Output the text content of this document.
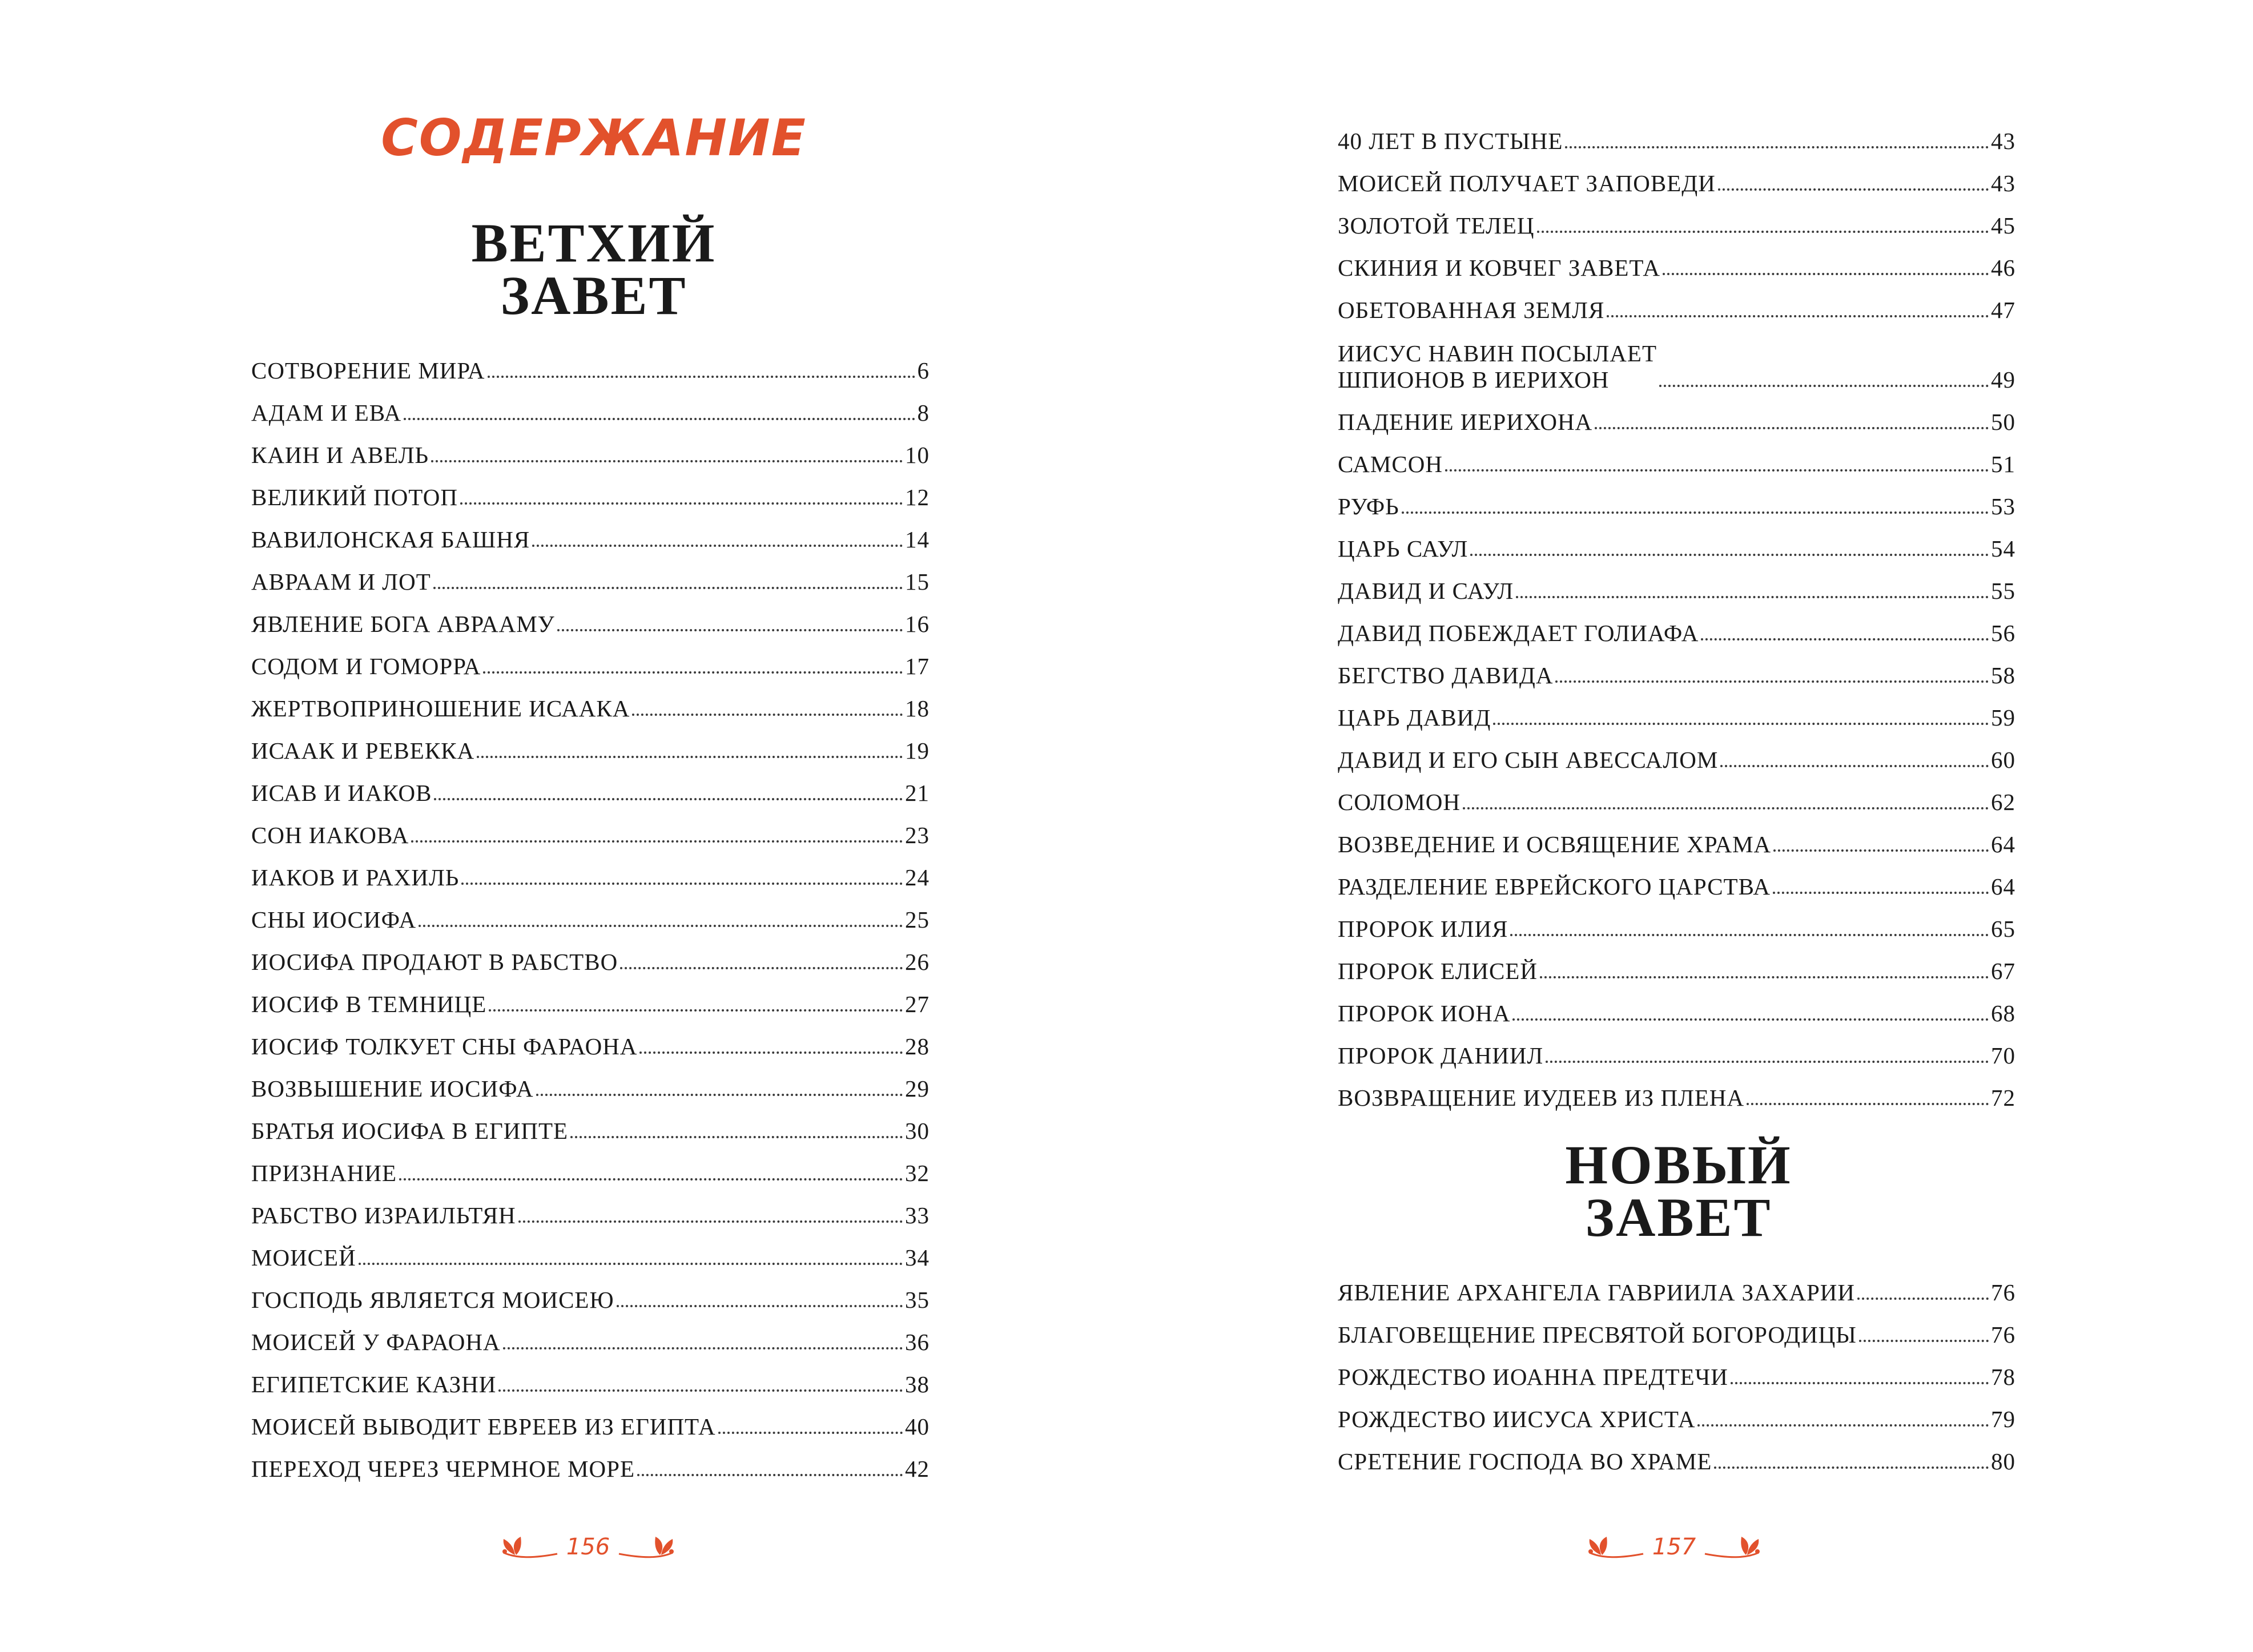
СОДЕРЖАНИЕ
ВЕТХИЙ
ЗАВЕТ
СОТВОРЕНИЕ МИРА	6
АДАМ И ЕВА	8
КАИН И АВЕЛЬ	10
ВЕЛИКИЙ ПОТОП	12
ВАВИЛОНСКАЯ БАШНЯ	14
АВРААМ И ЛОТ	15
ЯВЛЕНИЕ БОГА АВРААМУ	16
СОДОМ И ГОМОРРА	17
ЖЕРТВОПРИНОШЕНИЕ ИСААКА	18
ИСААК И РЕВЕККА	19
ИСАВ И ИАКОВ	21
СОН ИАКОВА	23
ИАКОВ И РАХИЛЬ	24
СНЫ ИОСИФА	25
ИОСИФА ПРОДАЮТ В РАБСТВО	26
ИОСИФ В ТЕМНИЦЕ	27
ИОСИФ ТОЛКУЕТ СНЫ ФАРАОНА	28
ВОЗВЫШЕНИЕ ИОСИФА	29
БРАТЬЯ ИОСИФА В ЕГИПТЕ	30
ПРИЗНАНИЕ	32
РАБСТВО ИЗРАИЛЬТЯН	33
МОИСЕЙ	34
ГОСПОДЬ ЯВЛЯЕТСЯ МОИСЕЮ	35
МОИСЕЙ У ФАРАОНА	36
ЕГИПЕТСКИЕ КАЗНИ	38
МОИСЕЙ ВЫВОДИТ ЕВРЕЕВ ИЗ ЕГИПТА	40
ПЕРЕХОД ЧЕРЕЗ ЧЕРМНОЕ МОРЕ	42
156
40 ЛЕТ В ПУСТЫНЕ	43
МОИСЕЙ ПОЛУЧАЕТ ЗАПОВЕДИ	43
ЗОЛОТОЙ ТЕЛЕЦ	45
СКИНИЯ И КОВЧЕГ ЗАВЕТА	46
ОБЕТОВАННАЯ ЗЕМЛЯ	47
ИИСУС НАВИН ПОСЫЛАЕТ
ШПИОНОВ В ИЕРИХОН	49
ПАДЕНИЕ ИЕРИХОНА	50
САМСОН	51
РУФЬ	53
ЦАРЬ САУЛ	54
ДАВИД И САУЛ	55
ДАВИД ПОБЕЖДАЕТ ГОЛИАФА	56
БЕГСТВО ДАВИДА	58
ЦАРЬ ДАВИД	59
ДАВИД И ЕГО СЫН АВЕССАЛОМ	60
СОЛОМОН	62
ВОЗВЕДЕНИЕ И ОСВЯЩЕНИЕ ХРАМА	64
РАЗДЕЛЕНИЕ ЕВРЕЙСКОГО ЦАРСТВА	64
ПРОРОК ИЛИЯ	65
ПРОРОК ЕЛИСЕЙ	67
ПРОРОК ИОНА	68
ПРОРОК ДАНИИЛ	70
ВОЗВРАЩЕНИЕ ИУДЕЕВ ИЗ ПЛЕНА	72
НОВЫЙ
ЗАВЕТ
ЯВЛЕНИЕ АРХАНГЕЛА ГАВРИИЛА ЗАХАРИИ	76
БЛАГОВЕЩЕНИЕ ПРЕСВЯТОЙ БОГОРОДИЦЫ	76
РОЖДЕСТВО ИОАННА ПРЕДТЕЧИ	78
РОЖДЕСТВО ИИСУСА ХРИСТА	79
СРЕТЕНИЕ ГОСПОДА ВО ХРАМЕ	80
157
